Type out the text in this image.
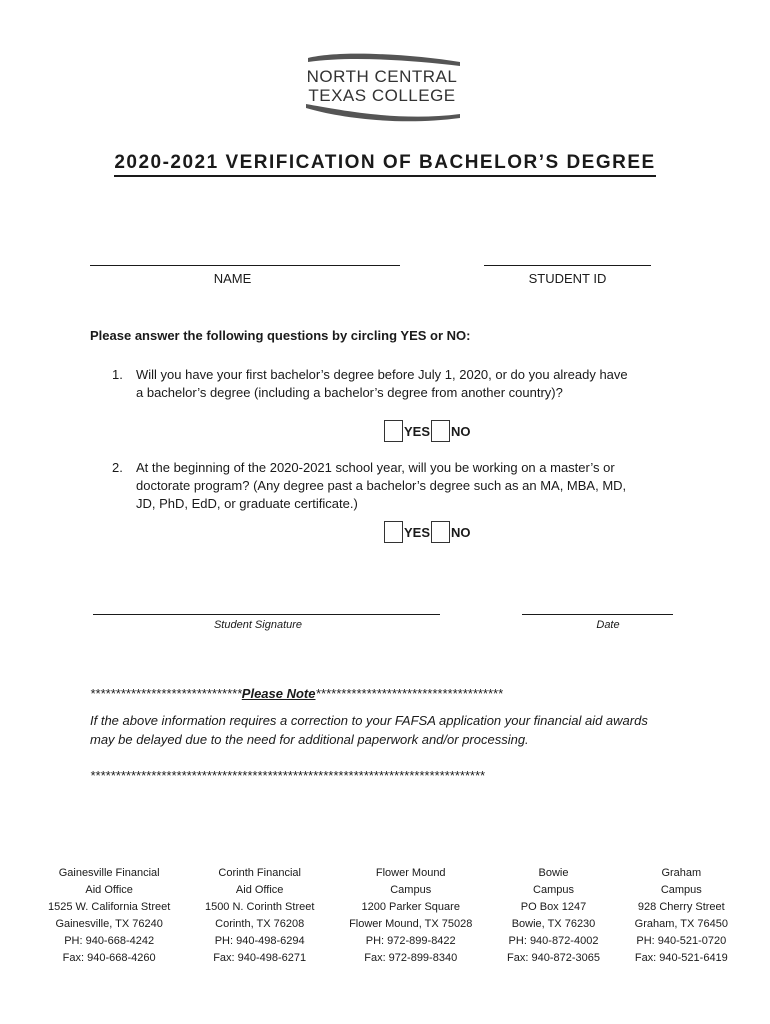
NORTH CENTRAL
TEXAS COLLEGE
2020-2021 VERIFICATION OF BACHELOR’S DEGREE
NAME	STUDENT ID
Please answer the following questions by circling YES or NO:
1.	Will you have your first bachelor’s degree before July 1, 2020, or do you already have
a bachelor’s degree (including a bachelor’s degree from another country)?
YES NO
2.	At the beginning of the 2020-2021 school year, will you be working on a master’s or
doctorate program? (Any degree past a bachelor’s degree such as an MA, MBA, MD,
JD, PhD, EdD, or graduate certificate.)
YES NO
Student Signature	Date
******************************Please Note*************************************
If the above information requires a correction to your FAFSA application your financial aid awards
may be delayed due to the need for additional paperwork and/or processing.
******************************************************************************
Gainesville Financial
Aid Office
1525 W. California Street
Gainesville, TX 76240
PH: 940-668-4242
Fax: 940-668-4260
Corinth Financial
Aid Office
1500 N. Corinth Street
Corinth, TX 76208
PH: 940-498-6294
Fax: 940-498-6271
Flower Mound
Campus
1200 Parker Square
Flower Mound, TX 75028
PH: 972-899-8422
Fax: 972-899-8340
Bowie
Campus
PO Box 1247
Bowie, TX 76230
PH: 940-872-4002
Fax: 940-872-3065
Graham
Campus
928 Cherry Street
Graham, TX 76450
PH: 940-521-0720
Fax: 940-521-6419
